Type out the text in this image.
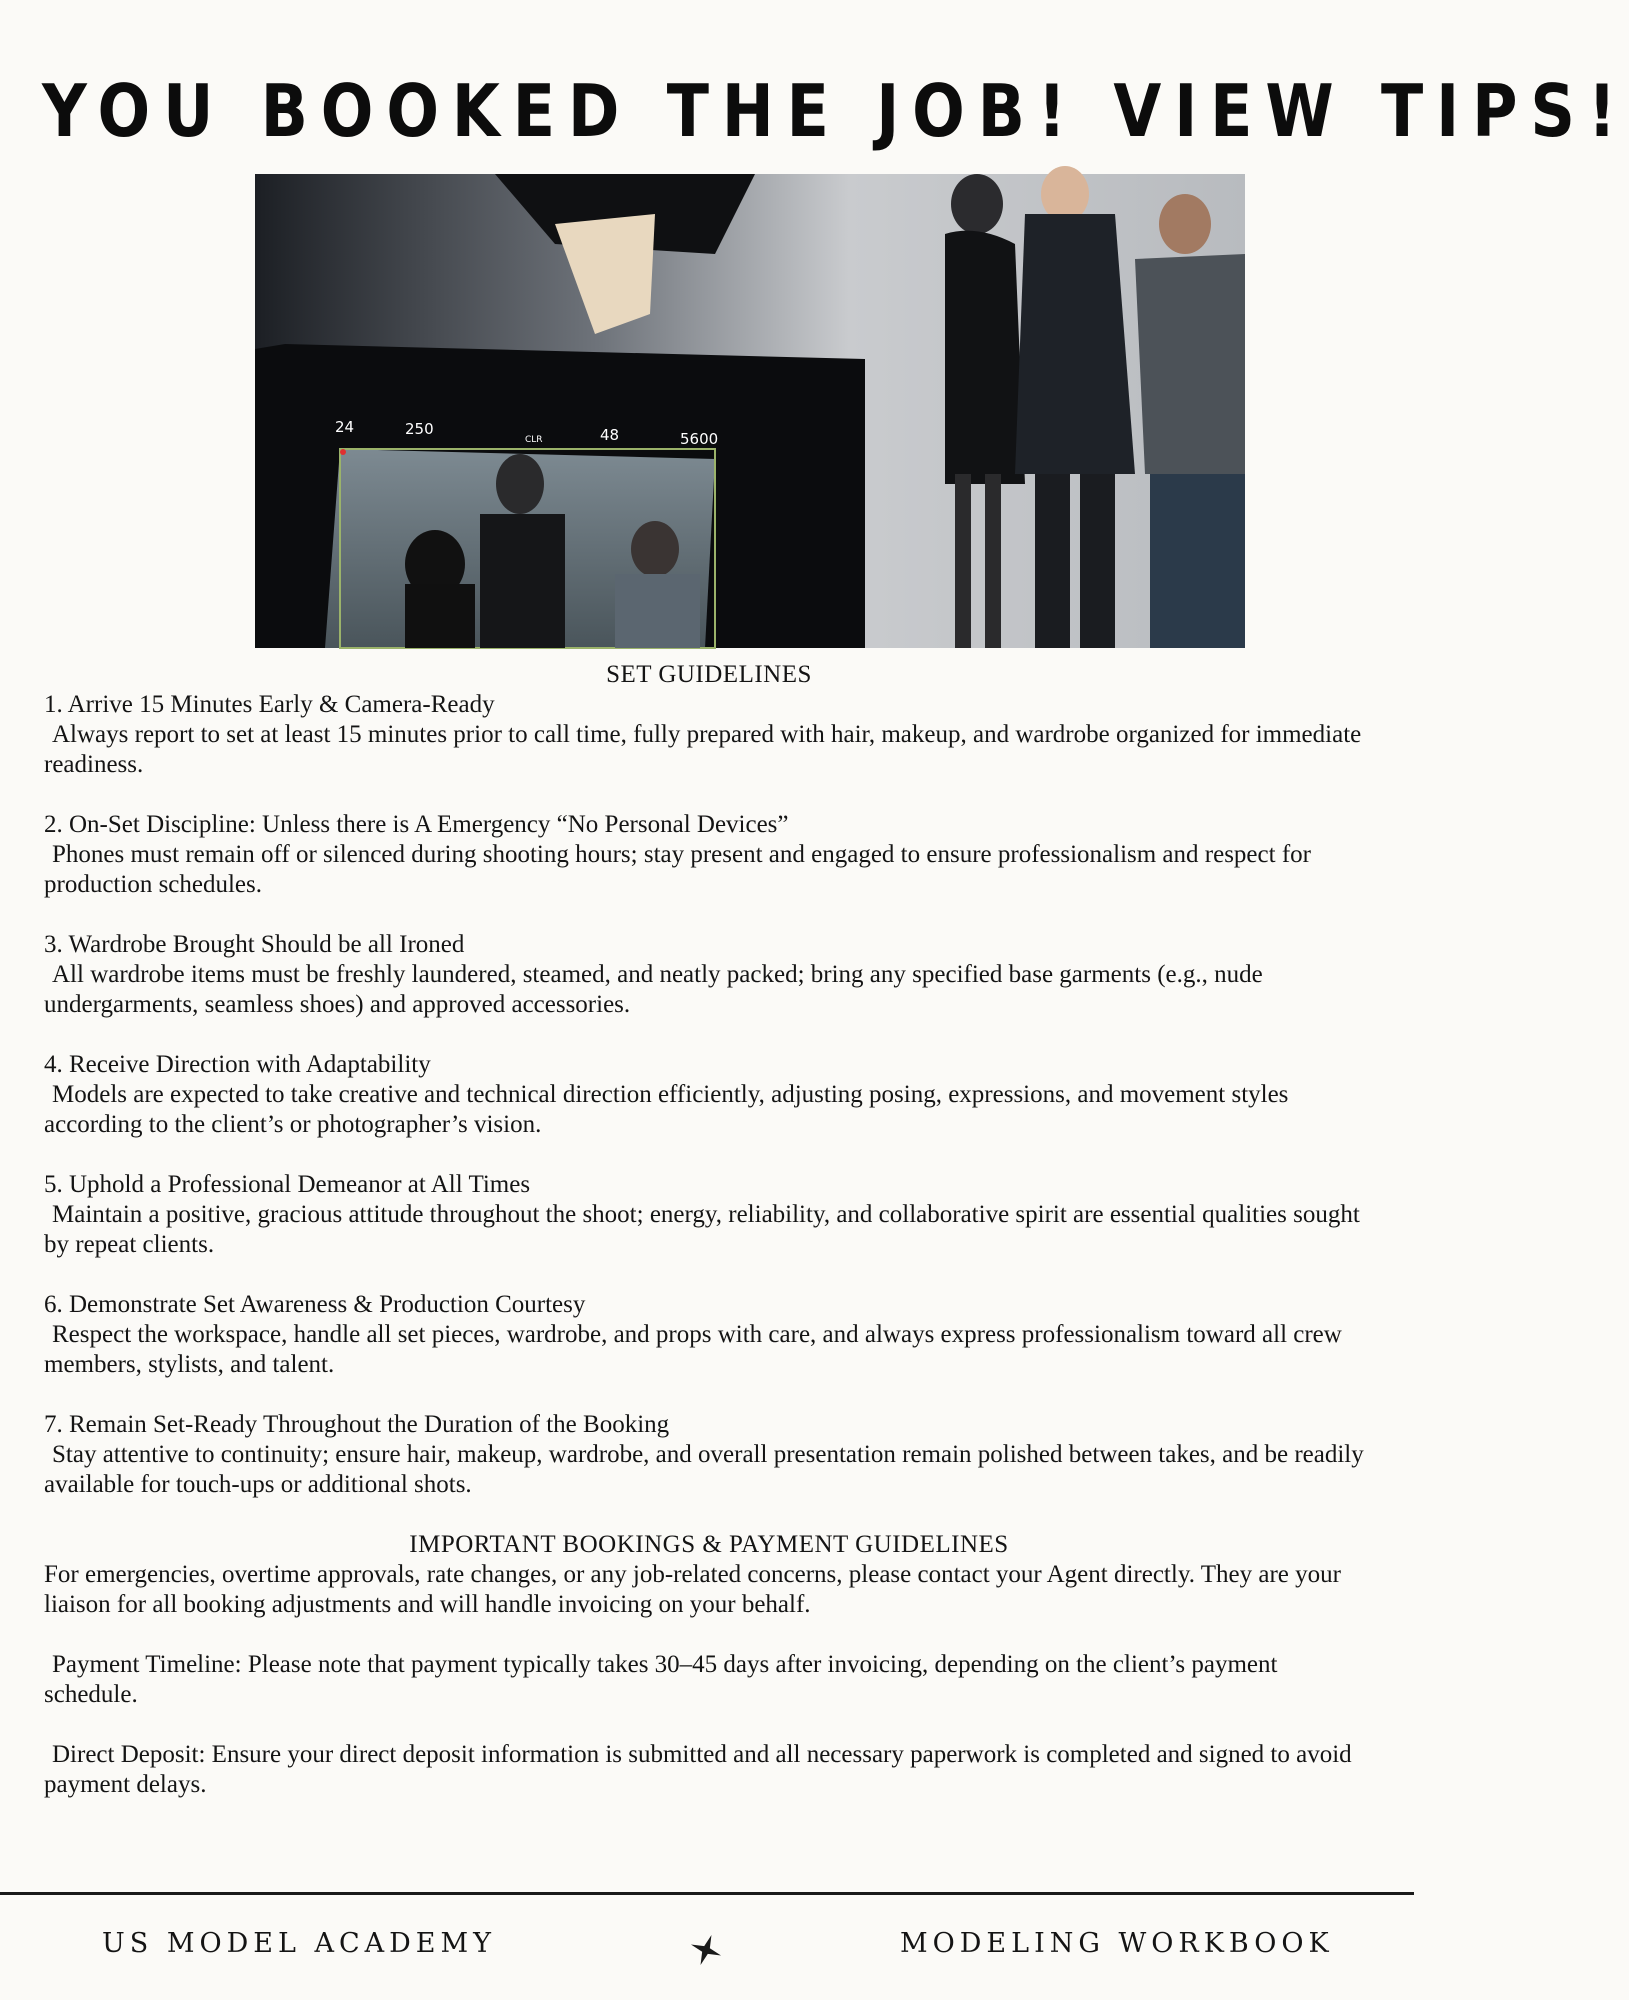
YOU BOOKED THE JOB! VIEW TIPS!
24	250
CLR	48	5600
SET GUIDELINES
1. Arrive 15 Minutes Early & Camera-Ready
Always report to set at least 15 minutes prior to call time, fully prepared with hair, makeup, and wardrobe organized for immediate readiness.
2. On-Set Discipline: Unless there is A Emergency “No Personal Devices”
Phones must remain off or silenced during shooting hours; stay present and engaged to ensure professionalism and respect for production schedules.
3. Wardrobe Brought Should be all Ironed
All wardrobe items must be freshly laundered, steamed, and neatly packed; bring any specified base garments (e.g., nude undergarments, seamless shoes) and approved accessories.
4. Receive Direction with Adaptability
Models are expected to take creative and technical direction efficiently, adjusting posing, expressions, and movement styles according to the client’s or photographer’s vision.
5. Uphold a Professional Demeanor at All Times
Maintain a positive, gracious attitude throughout the shoot; energy, reliability, and collaborative spirit are essential qualities sought by repeat clients.
6. Demonstrate Set Awareness & Production Courtesy
Respect the workspace, handle all set pieces, wardrobe, and props with care, and always express professionalism toward all crew members, stylists, and talent.
7. Remain Set-Ready Throughout the Duration of the Booking
Stay attentive to continuity; ensure hair, makeup, wardrobe, and overall presentation remain polished between takes, and be readily available for touch-ups or additional shots.
IMPORTANT BOOKINGS & PAYMENT GUIDELINES
For emergencies, overtime approvals, rate changes, or any job-related concerns, please contact your Agent directly. They are your liaison for all booking adjustments and will handle invoicing on your behalf.
Payment Timeline: Please note that payment typically takes 30–45 days after invoicing, depending on the client’s payment schedule.
Direct Deposit: Ensure your direct deposit information is submitted and all necessary paperwork is completed and signed to avoid payment delays.
US MODEL ACADEMY	MODELING WORKBOOK
